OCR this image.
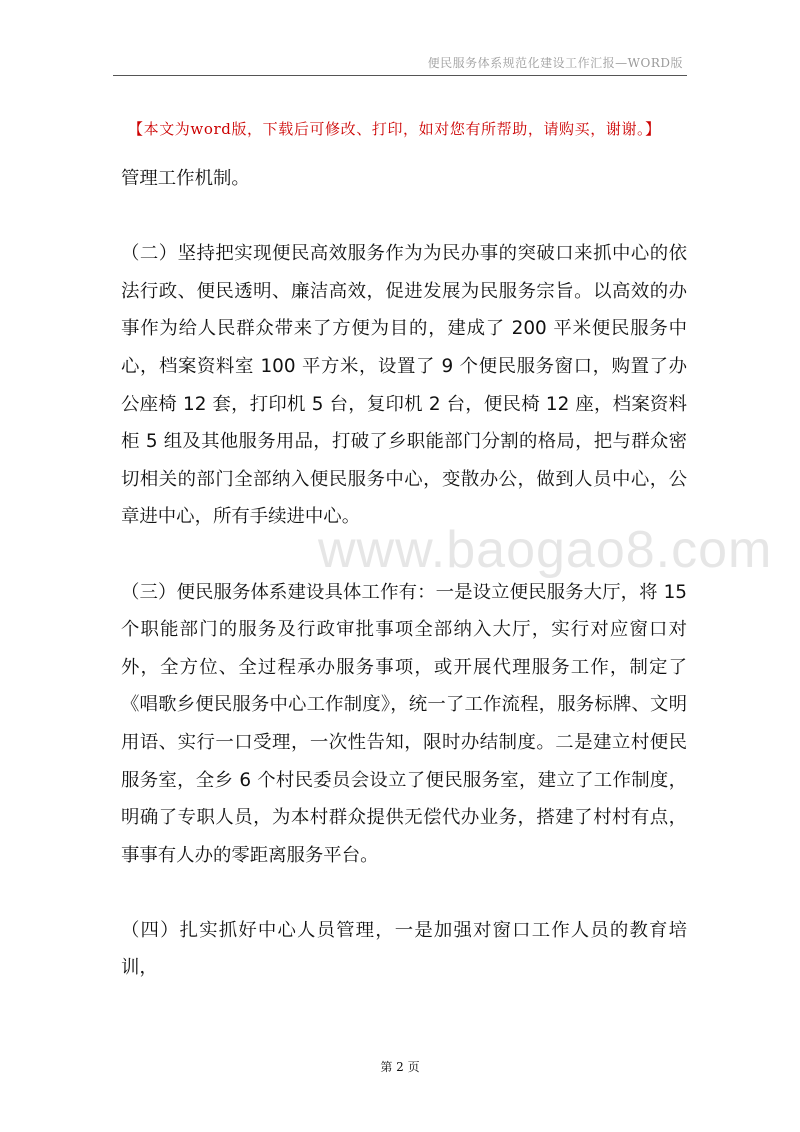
便民服务体系规范化建设工作汇报—WORD版
【本文为word版，下载后可修改、打印，如对您有所帮助，请购买，谢谢。】

管理工作机制。

（二）坚持把实现便民高效服务作为为民办事的突破口来抓中心的依法行政、便民透明、廉洁高效，促进发展为民服务宗旨。以高效的办事作为给人民群众带来了方便为目的，建成了 200 平米便民服务中心，档案资料室 100 平方米，设置了 9 个便民服务窗口，购置了办公座椅 12 套，打印机 5 台，复印机 2 台，便民椅 12 座，档案资料柜 5 组及其他服务用品，打破了乡职能部门分割的格局，把与群众密切相关的部门全部纳入便民服务中心，变散办公，做到人员中心，公章进中心，所有手续进中心。

（三）便民服务体系建设具体工作有：一是设立便民服务大厅，将 15 个职能部门的服务及行政审批事项全部纳入大厅，实行对应窗口对外，全方位、全过程承办服务事项，或开展代理服务工作，制定了《唱歌乡便民服务中心工作制度》，统一了工作流程，服务标牌、文明用语、实行一口受理，一次性告知，限时办结制度。二是建立村便民服务室，全乡 6 个村民委员会设立了便民服务室，建立了工作制度，明确了专职人员，为本村群众提供无偿代办业务，搭建了村村有点，事事有人办的零距离服务平台。

（四）扎实抓好中心人员管理，一是加强对窗口工作人员的教育培训，

www.baogao8.com
第 2 页
